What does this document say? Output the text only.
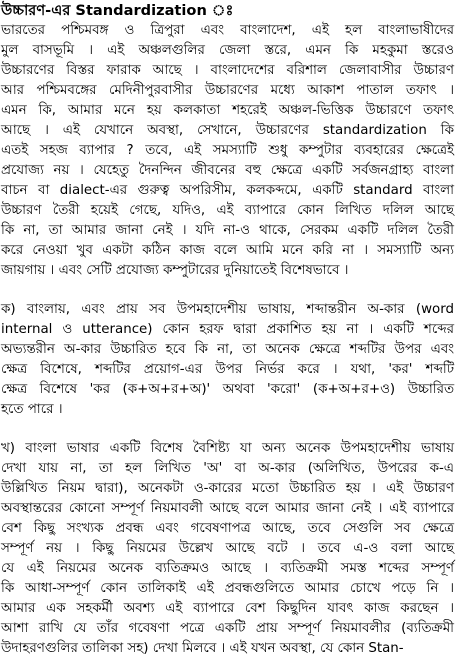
উচ্চারণ-এর Standardization ঃ
ভারতের পশ্চিমবঙ্গ ও ত্রিপুরা এবং বাংলাদেশ, এই হল বাংলাভাষীদের
মুল বাসভূমি । এই অঞ্চলগুলির জেলা স্তরে, এমন কি মহকুমা স্তরেও
উচ্চারণের বিস্তর ফারাক আছে । বাংলাদেশের বরিশাল জেলাবাসীর উচ্চারণ
আর পশ্চিমবঙ্গের মেদিনীপুরবাসীর উচ্চারণের মধ্যে আকাশ পাতাল তফাৎ ।
এমন কি, আমার মনে হয় কলকাতা শহরেই অঞ্চল-ভিত্তিক উচ্চারণে তফাৎ
আছে । এই যেখানে অবস্থা, সেখানে, উচ্চারণের standardization কি
এতই সহজ ব্যাপার ? তবে, এই সমস্যাটি শুধু কম্পুটার ব্যবহারের ক্ষেত্রেই
প্রযোজ্য নয় । যেহেতু দৈনন্দিন জীবনের বহু ক্ষেত্রে একটি সর্বজনগ্রাহ্য বাংলা
বাচন বা dialect-এর গুরুত্ব অপরিসীম, কলকব্দমে, একটি standard বাংলা
উচ্চারণ তৈরী হয়েই গেছে, যদিও, এই ব্যাপারে কোন লিখিত দলিল আছে
কি না, তা আমার জানা নেই । যদি না-ও থাকে, সেরকম একটি দলিল তৈরী
করে নেওয়া খুব একটা কঠিন কাজ বলে আমি মনে করি না । সমস্যাটি অন্য
জায়গায় । এবং সেটি প্রযোজ্য কম্পুটারের দুনিয়াতেই বিশেষভাবে ।
ক) বাংলায়, এবং প্রায় সব উপমহাদেশীয় ভাষায়, শব্দান্তরীন অ-কার (word
internal ও utterance) কোন হরফ দ্বারা প্রকাশিত হয় না । একটি শব্দের
অভ্যন্তরীন অ-কার উচ্চারিত হবে কি না, তা অনেক ক্ষেত্রে শব্দটির উপর এবং
ক্ষেত্র বিশেষে, শব্দটির প্রয়োগ-এর উপর নির্ভর করে । যথা, 'কর' শব্দটি
ক্ষেত্র বিশেষে 'কর (ক+অ+র+অ)' অথবা 'করো' (ক+অ+র+ও) উচ্চারিত
হতে পারে ।
খ) বাংলা ভাষার একটি বিশেষ বৈশিষ্ট্য যা অন্য অনেক উপমহাদেশীয় ভাষায়
দেখা যায় না, তা হল লিখিত 'অ' বা অ-কার (অলিখিত, উপরের ক-এ
উল্লিখিত নিয়ম দ্বারা), অনেকটা ও-কারের মতো উচ্চারিত হয় । এই উচ্চারণ
অবস্থান্তরের কোনো সম্পূর্ণ নিয়মাবলী আছে বলে আমার জানা নেই । এই ব্যাপারে
বেশ কিছু সংখ্যক প্রবন্ধ এবং গবেষণাপত্র আছে, তবে সেগুলি সব ক্ষেত্রে
সম্পূর্ণ নয় । কিছু নিয়মের উল্লেখ আছে বটে । তবে এ-ও বলা আছে
যে এই নিয়মের অনেক ব্যতিক্রমও আছে । ব্যতিক্রমী সমস্ত শব্দের সম্পূর্ণ
কি আধা-সম্পূর্ণ কোন তালিকাই এই প্রবন্ধগুলিতে আমার চোখে পড়ে নি ।
আমার এক সহকর্মী অবশ্য এই ব্যাপারে বেশ কিছুদিন যাবৎ কাজ করছেন ।
আশা রাখি যে তাঁর গবেষণা পত্রে একটি প্রায় সম্পূর্ণ নিয়মাবলীর (ব্যতিক্রমী
উদাহরণগুলির তালিকা সহ) দেখা মিলবে । এই যখন অবস্থা, যে কোন Stan-
